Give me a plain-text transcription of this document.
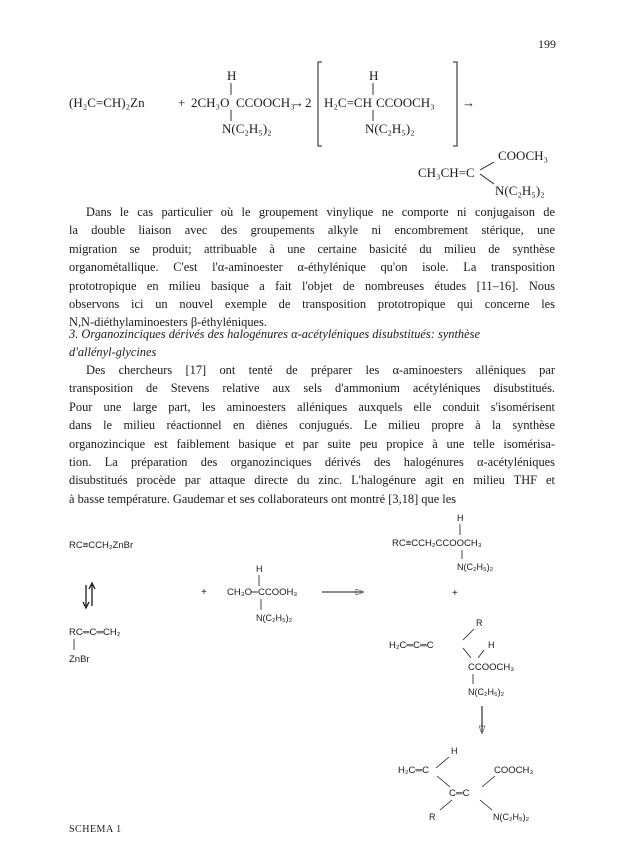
199
(H₂C=CH)₂Zn	+ 2CH₃O CCOOCH₃
H
N(C₂H₅)₂
→ 2 H₂C=CH CCOOCH₃
H
N(C₂H₅)₂
→
COOCH₃
CH₃CH=C
N(C₂H₅)₂
Dans le cas particulier où le groupement vinylique ne comporte ni conjugaison de
la double liaison avec des groupements alkyle ni encombrement stérique, une
migration se produit; attribuable à une certaine basicité du milieu de synthèse
organométallique. C'est l'α-aminoester α-éthylénique qu'on isole. La transposition
prototropique en milieu basique a fait l'objet de nombreuses études [11–16]. Nous
observons ici un nouvel exemple de transposition prototropique qui concerne les
N,N-diéthylaminoesters β-éthyléniques.
3. Organozinciques dérivés des halogénures α-acétyléniques disubstitués: synthèse
d'allényl-glycines
Des chercheurs [17] ont tenté de préparer les α-aminoesters alléniques par
transposition de Stevens relative aux sels d'ammonium acétyléniques disubstitués.
Pour une large part, les aminoesters alléniques auxquels elle conduit s'isomérisent
dans le milieu réactionnel en diènes conjugués. Le milieu propre à la synthèse
organozincique est faiblement basique et par suite peu propice à une telle isomérisa-
tion. La préparation des organozinciques dérivés des halogénures α-acétyléniques
disubstitués procède par attaque directe du zinc. L'halogénure agit en milieu THF et
à basse température. Gaudemar et ses collaborateurs ont montré [3,18] que les
RC≡CCH₂ZnBr
RC═C═CH₂
ZnBr
+
H
CH₃O CCOOH₃
N(C₂H₅)₂
H
RC≡CCH₂CCOOCH₃
N(C₂H₅)₂
+
R
H₂C═C═C	H
CCOOCH₃
N(C₂H₅)₂
H
H₂C═C
C═C
COOCH₃
R	N(C₂H₅)₂
SCHEMA 1
